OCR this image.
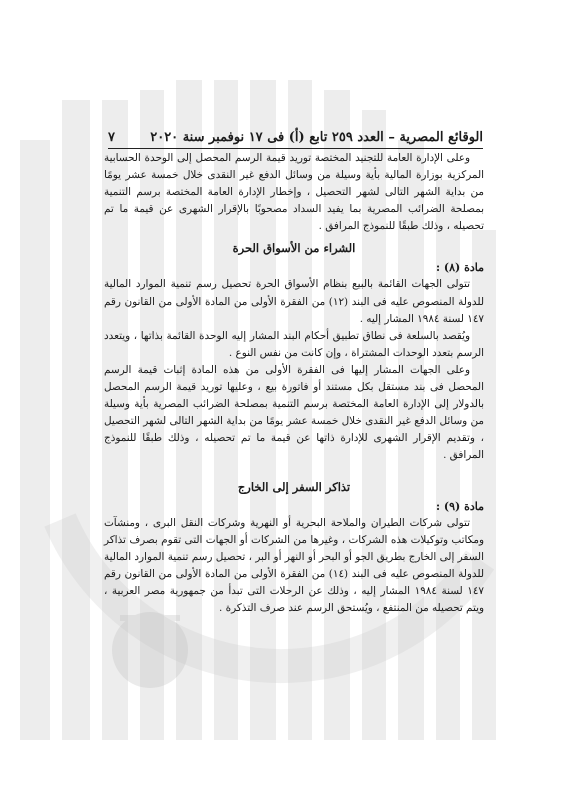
الوقائع المصرية – العدد ٢٥٩ تابع (أ) فى ١٧ نوفمبر سنة ٢٠٢٠
٧

وعلى الإدارة العامة للتجنيد المختصة توريد قيمة الرسم المحصل إلى الوحدة الحسابية المركزية بوزارة المالية بأية وسيلة من وسائل الدفع غير النقدى خلال خمسة عشر يومًا من بداية الشهر التالى لشهر التحصيل ، وإخطار الإدارة العامة المختصة برسم التنمية بمصلحة الضرائب المصرية بما يفيد السداد مصحوبًا بالإقرار الشهرى عن قيمة ما تم تحصيله ، وذلك طبقًا للنموذج المرافق .

الشراء من الأسواق الحرة

مادة (٨) :

تتولى الجهات القائمة بالبيع بنظام الأسواق الحرة تحصيل رسم تنمية الموارد المالية للدولة المنصوص عليه فى البند (١٢) من الفقرة الأولى من المادة الأولى من القانون رقم ١٤٧ لسنة ١٩٨٤ المشار إليه .

ويُقصد بالسلعة فى نطاق تطبيق أحكام البند المشار إليه الوحدة القائمة بذاتها ، ويتعدد الرسم بتعدد الوحدات المشتراة ، وإن كانت من نفس النوع .

وعلى الجهات المشار إليها فى الفقرة الأولى من هذه المادة إثبات قيمة الرسم المحصل فى بند مستقل بكل مستند أو فاتورة بيع ، وعليها توريد قيمة الرسم المحصل بالدولار إلى الإدارة العامة المختصة برسم التنمية بمصلحة الضرائب المصرية بأية وسيلة من وسائل الدفع غير النقدى خلال خمسة عشر يومًا من بداية الشهر التالى لشهر التحصيل ، وتقديم الإقرار الشهرى للإدارة ذاتها عن قيمة ما تم تحصيله ، وذلك طبقًا للنموذج المرافق .

تذاكر السفر إلى الخارج

مادة (٩) :

تتولى شركات الطيران والملاحة البحرية أو النهرية وشركات النقل البرى ، ومنشآت ومكاتب وتوكيلات هذه الشركات ، وغيرها من الشركات أو الجهات التى تقوم بصرف تذاكر السفر إلى الخارج بطريق الجو أو البحر أو النهر أو البر ، تحصيل رسم تنمية الموارد المالية للدولة المنصوص عليه فى البند (١٤) من الفقرة الأولى من المادة الأولى من القانون رقم ١٤٧ لسنة ١٩٨٤ المشار إليه ، وذلك عن الرحلات التى تبدأ من جمهورية مصر العربية ، ويتم تحصيله من المنتفع ، ويُستحق الرسم عند صرف التذكرة .
